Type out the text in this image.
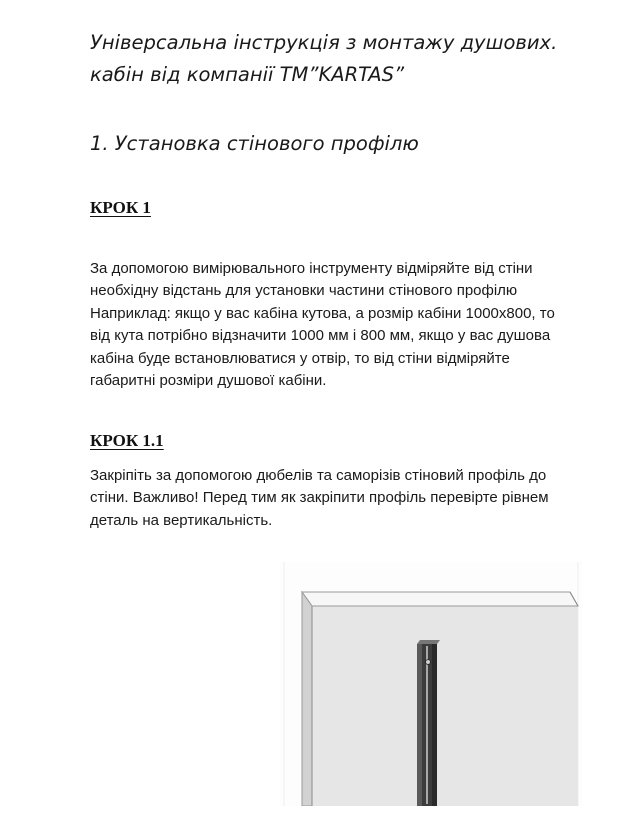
Універсальна інструкція з монтажу душових.
кабін від компанії ТМ”KARTAS”
1. Установка стінового профілю
КРОК 1
За допомогою вимірювального інструменту відміряйте від стіни
необхідну відстань для установки частини стінового профілю
Наприклад: якщо у вас кабіна кутова, а розмір кабіни 1000х800, то
від кута потрібно відзначити 1000 мм і 800 мм, якщо у вас душова
кабіна буде встановлюватися у отвір, то від стіни відміряйте
габаритні розміри душової кабіни.
КРОК 1.1
Закріпіть за допомогою дюбелів та саморізів стіновий профіль до
стіни. Важливо! Перед тим як закріпити профіль перевірте рівнем
деталь на вертикальність.
